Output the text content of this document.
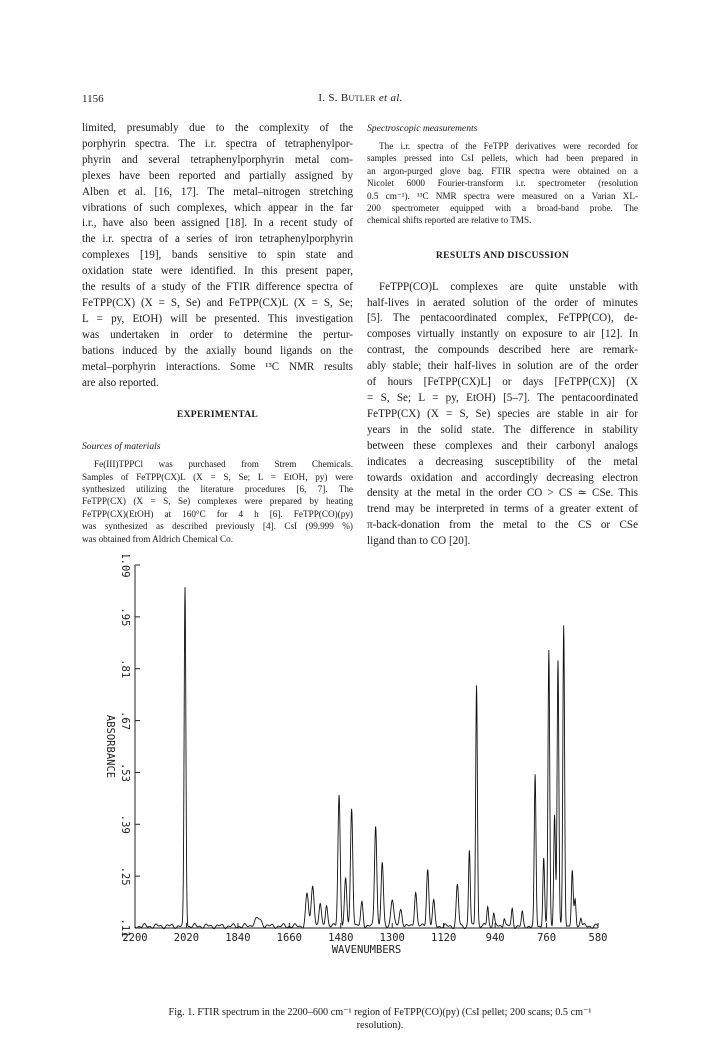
1156	I. S. Butler et al.
limited, presumably due to the complexity of the
porphyrin spectra. The i.r. spectra of tetraphenylpor-
phyrin and several tetraphenylporphyrin metal com-
plexes have been reported and partially assigned by
Alben et al. [16, 17]. The metal–nitrogen stretching
vibrations of such complexes, which appear in the far
i.r., have also been assigned [18]. In a recent study of
the i.r. spectra of a series of iron tetraphenylporphyrin
complexes [19], bands sensitive to spin state and
oxidation state were identified. In this present paper,
the results of a study of the FTIR difference spectra of
FeTPP(CX) (X = S, Se) and FeTPP(CX)L (X = S, Se;
L = py, EtOH) will be presented. This investigation
was undertaken in order to determine the pertur-
bations induced by the axially bound ligands on the
metal–porphyrin interactions. Some ¹³C NMR results
are also reported.
EXPERIMENTAL
Sources of materials
Fe(III)TPPCl was purchased from Strem Chemicals.
Samples of FeTPP(CX)L (X = S, Se; L = EtOH, py) were
synthesized utilizing the literature procedures [6, 7]. The
FeTPP(CX) (X = S, Se) complexes were prepared by heating
FeTPP(CX)(EtOH) at 160°C for 4 h [6]. FeTPP(CO)(py)
was synthesized as described previously [4]. CsI (99.999 %)
was obtained from Aldrich Chemical Co.
Spectroscopic measurements
The i.r. spectra of the FeTPP derivatives were recorded for
samples pressed into CsI pellets, which had been prepared in
an argon-purged glove bag. FTIR spectra were obtained on a
Nicolet 6000 Fourier-transform i.r. spectrometer (resolution
0.5 cm⁻¹). ¹³C NMR spectra were measured on a Varian XL-
200 spectrometer equipped with a broad-band probe. The
chemical shifts reported are relative to TMS.
RESULTS AND DISCUSSION
FeTPP(CO)L complexes are quite unstable with
half-lives in aerated solution of the order of minutes
[5]. The pentacoordinated complex, FeTPP(CO), de-
composes virtually instantly on exposure to air [12]. In
contrast, the compounds described here are remark-
ably stable; their half-lives in solution are of the order
of hours [FeTPP(CX)L] or days [FeTPP(CX)] (X
= S, Se; L = py, EtOH) [5–7]. The pentacoordinated
FeTPP(CX) (X = S, Se) species are stable in air for
years in the solid state. The difference in stability
between these complexes and their carbonyl analogs
indicates a decreasing susceptibility of the metal
towards oxidation and accordingly decreasing electron
density at the metal in the order CO > CS ≃ CSe. This
trend may be interpreted in terms of a greater extent of
π-back-donation from the metal to the CS or CSe
ligand than to CO [20].
2200 2020 1840 1660 1480 1300 1120	940	760	580
.11
.25
.39
.53
.67
.81
.95
1.09
WAVENUMBERS
ABSORBANCE
Fig. 1. FTIR spectrum in the 2200–600 cm⁻¹ region of FeTPP(CO)(py) (CsI pellet; 200 scans; 0.5 cm⁻¹
resolution).
